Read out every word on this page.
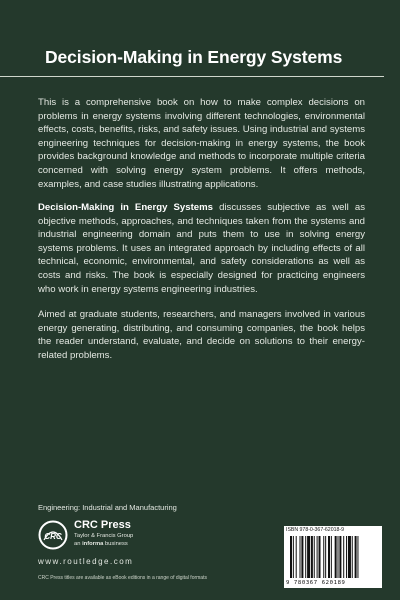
Decision-Making in Energy Systems
This is a comprehensive book on how to make complex decisions on problems in energy systems involving different technologies, environmental effects, costs, benefits, risks, and safety issues. Using industrial and systems engineering techniques for decision-making in energy systems, the book provides background knowledge and methods to incorporate multiple criteria concerned with solving energy system problems. It offers methods, examples, and case studies illustrating applications.
Decision-Making in Energy Systems discusses subjective as well as objective methods, approaches, and techniques taken from the systems and industrial engineering domain and puts them to use in solving energy systems problems. It uses an integrated approach by including effects of all technical, economic, environmental, and safety considerations as well as costs and risks. The book is especially designed for practicing engineers who work in energy systems engineering industries.
Aimed at graduate students, researchers, and managers involved in various energy generating, distributing, and consuming companies, the book helps the reader understand, evaluate, and decide on solutions to their energy-related problems.
Engineering: Industrial and Manufacturing
CRC
CRC Press
Taylor & Francis Group
an informa business
www.routledge.com
CRC Press titles are available as eBook editions in a range of digital formats
ISBN 978-0-367-62018-9
9 780367 620189
